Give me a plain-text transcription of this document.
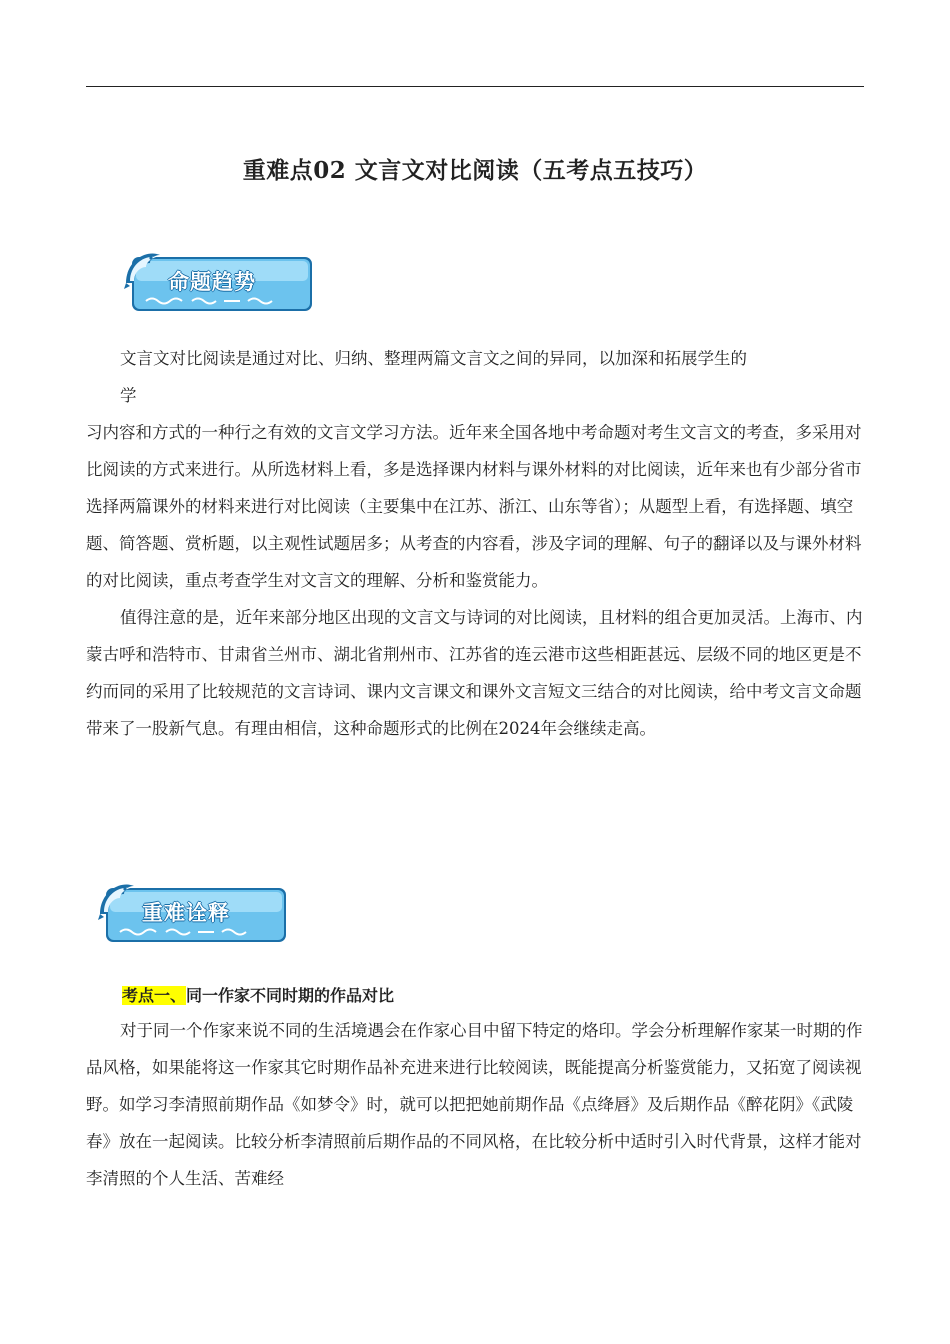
重难点02 文言文对比阅读（五考点五技巧）
命题趋势

文言文对比阅读是通过对比、归纳、整理两篇文言文之间的异同，以加深和拓展学生的

学

习内容和方式的一种行之有效的文言文学习方法。近年来全国各地中考命题对考生文言文的考查，多采用对比阅读的方式来进行。从所选材料上看，多是选择课内材料与课外材料的对比阅读，近年来也有少部分省市选择两篇课外的材料来进行对比阅读（主要集中在江苏、浙江、山东等省）；从题型上看，有选择题、填空题、简答题、赏析题，以主观性试题居多；从考查的内容看，涉及字词的理解、句子的翻译以及与课外材料的对比阅读，重点考查学生对文言文的理解、分析和鉴赏能力。

值得注意的是，近年来部分地区出现的文言文与诗词的对比阅读，且材料的组合更加灵活。上海市、内蒙古呼和浩特市、甘肃省兰州市、湖北省荆州市、江苏省的连云港市这些相距甚远、层级不同的地区更是不约而同的采用了比较规范的文言诗词、课内文言课文和课外文言短文三结合的对比阅读，给中考文言文命题带来了一股新气息。有理由相信，这种命题形式的比例在2024年会继续走高。

重难诠释
考点一、同一作家不同时期的作品对比

对于同一个作家来说不同的生活境遇会在作家心目中留下特定的烙印。学会分析理解作家某一时期的作品风格，如果能将这一作家其它时期作品补充进来进行比较阅读，既能提高分析鉴赏能力，又拓宽了阅读视野。如学习李清照前期作品《如梦令》时，就可以把把她前期作品《点绛唇》及后期作品《醉花阴》《武陵春》放在一起阅读。比较分析李清照前后期作品的不同风格，在比较分析中适时引入时代背景，这样才能对李清照的个人生活、苦难经
